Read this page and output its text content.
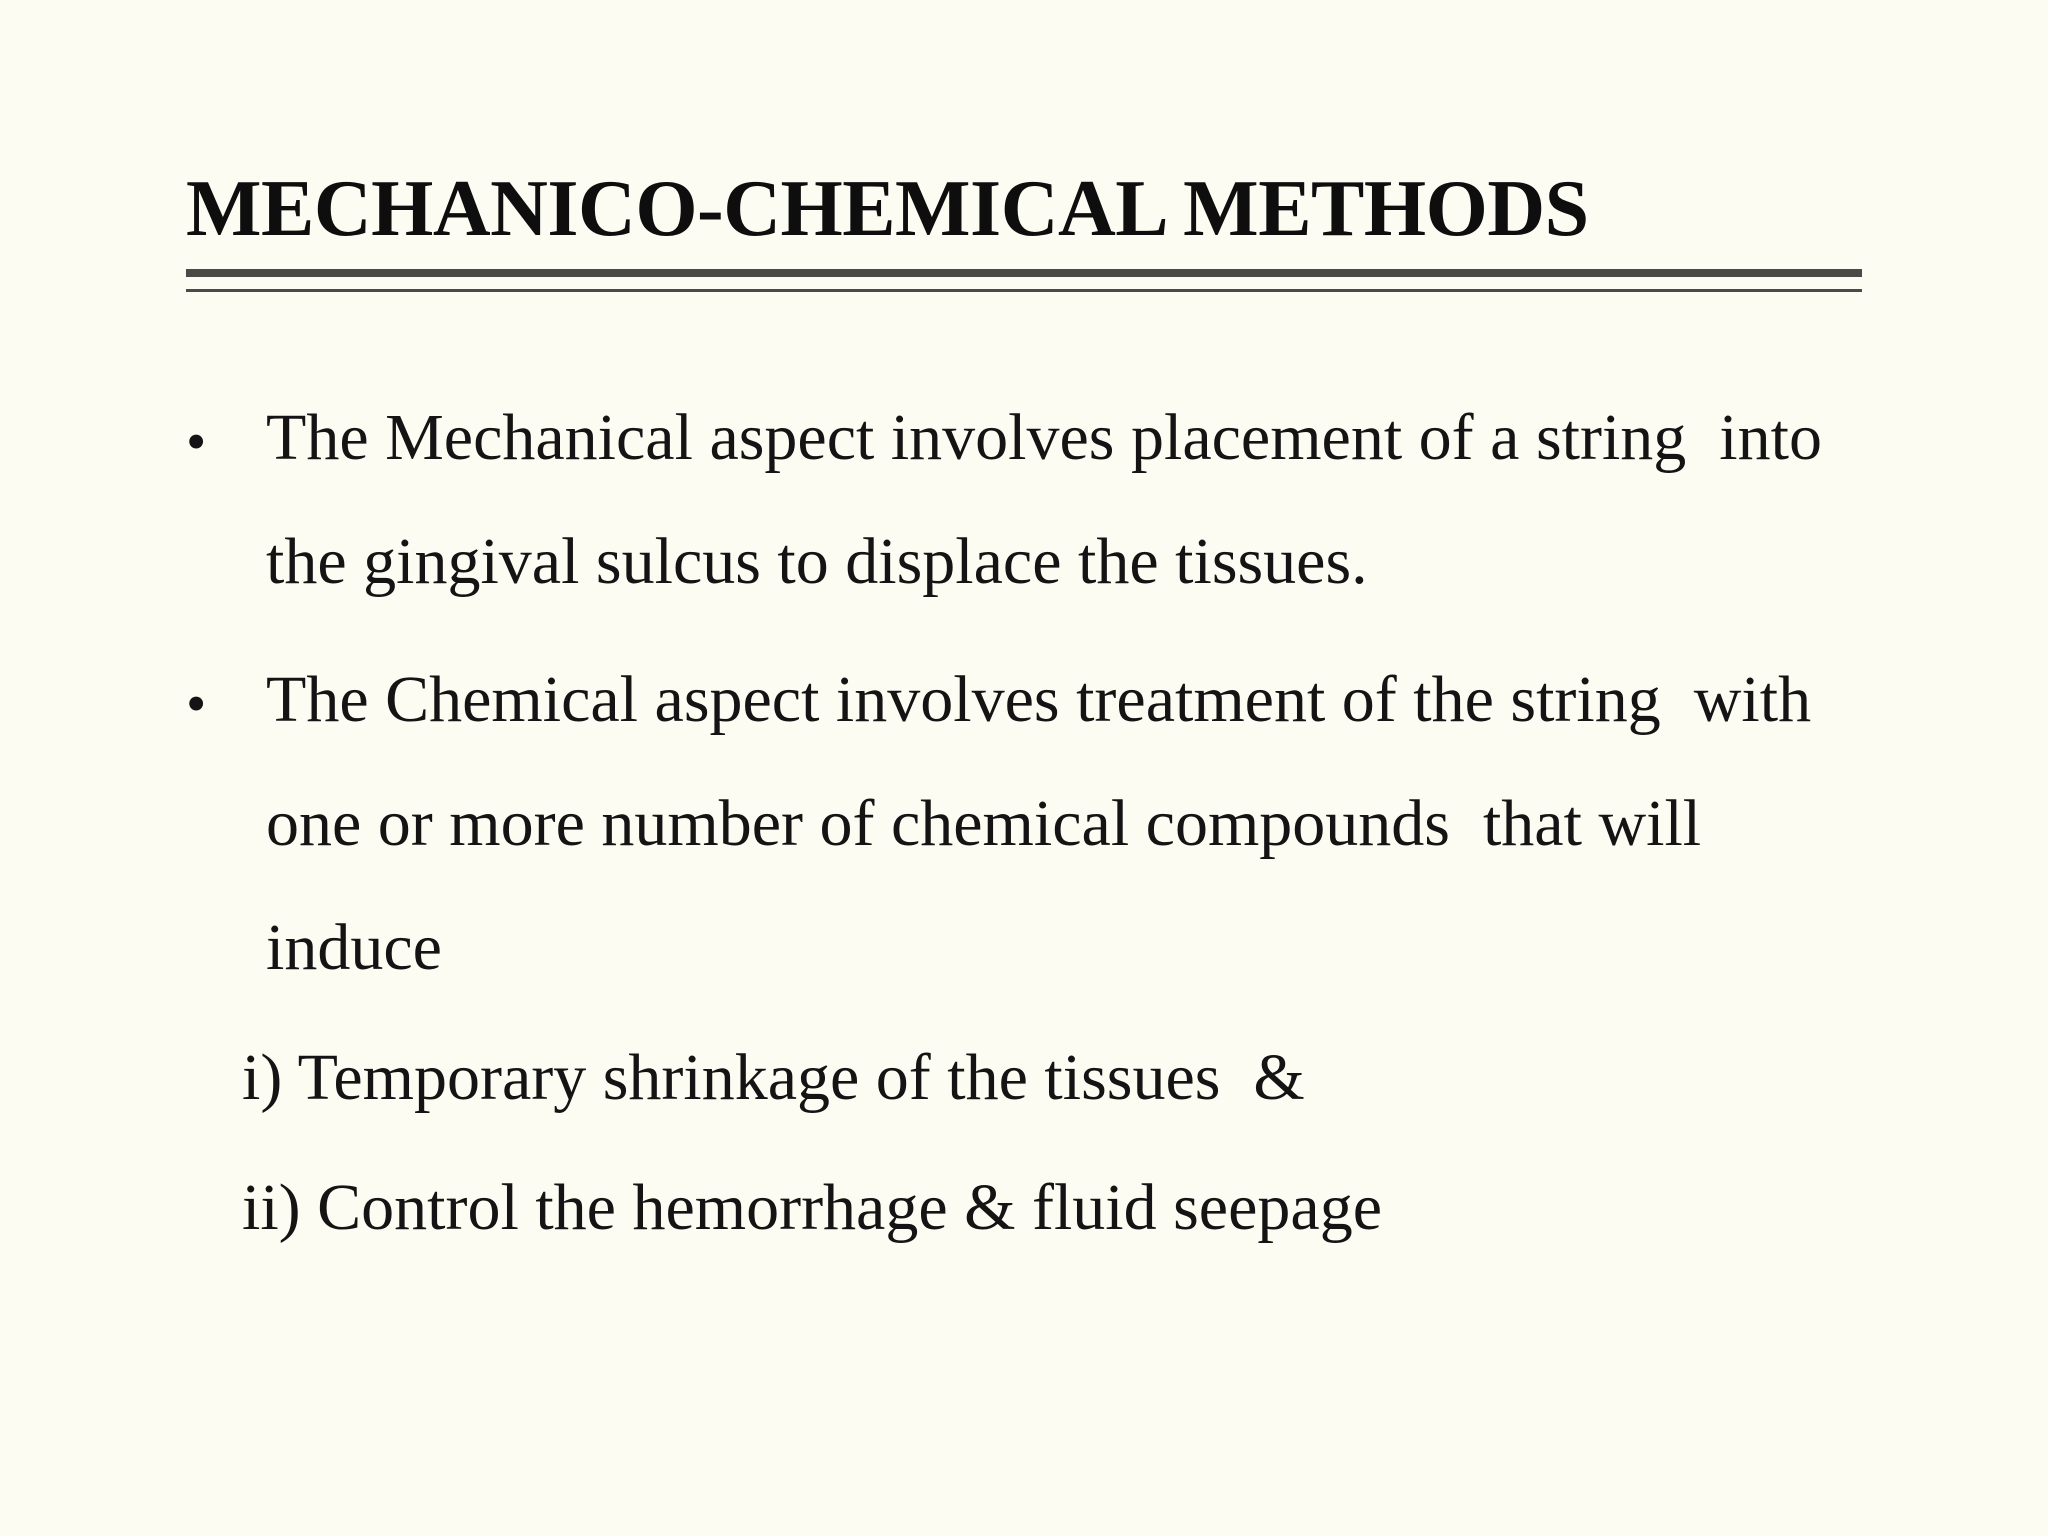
MECHANICO-CHEMICAL METHODS
• The Mechanical aspect involves placement of a string  into
the gingival sulcus to displace the tissues.
• The Chemical aspect involves treatment of the string  with
one or more number of chemical compounds  that will
induce
i) Temporary shrinkage of the tissues  &
ii) Control the hemorrhage & fluid seepage
